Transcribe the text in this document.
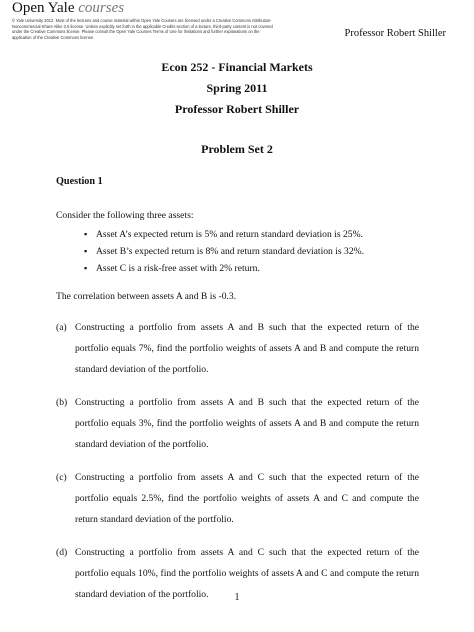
Open Yale courses
© Yale University 2012. Most of the lectures and course material within Open Yale Courses are licensed under a Creative Commons Attribution-Noncommercial-Share Alike 3.0 license. Unless explicitly set forth in the applicable Credits section of a lecture, third-party content is not covered under the Creative Commons license. Please consult the Open Yale Courses Terms of Use for limitations and further explanations on the application of the Creative Commons license.	Professor Robert Shiller
Econ 252 - Financial Markets
Spring 2011
Professor Robert Shiller
Problem Set 2
Question 1
Consider the following three assets:
▪ Asset A’s expected return is 5% and return standard deviation is 25%.
▪ Asset B’s expected return is 8% and return standard deviation is 32%.
▪ Asset C is a risk-free asset with 2% return.
The correlation between assets A and B is -0.3.
(a) Constructing a portfolio from assets A and B such that the expected return of the portfolio equals 7%, find the portfolio weights of assets A and B and compute the return standard deviation of the portfolio.
(b) Constructing a portfolio from assets A and B such that the expected return of the portfolio equals 3%, find the portfolio weights of assets A and B and compute the return standard deviation of the portfolio.
(c) Constructing a portfolio from assets A and C such that the expected return of the portfolio equals 2.5%, find the portfolio weights of assets A and C and compute the return standard deviation of the portfolio.
(d) Constructing a portfolio from assets A and C such that the expected return of the portfolio equals 10%, find the portfolio weights of assets A and C and compute the return standard deviation of the portfolio.	1
